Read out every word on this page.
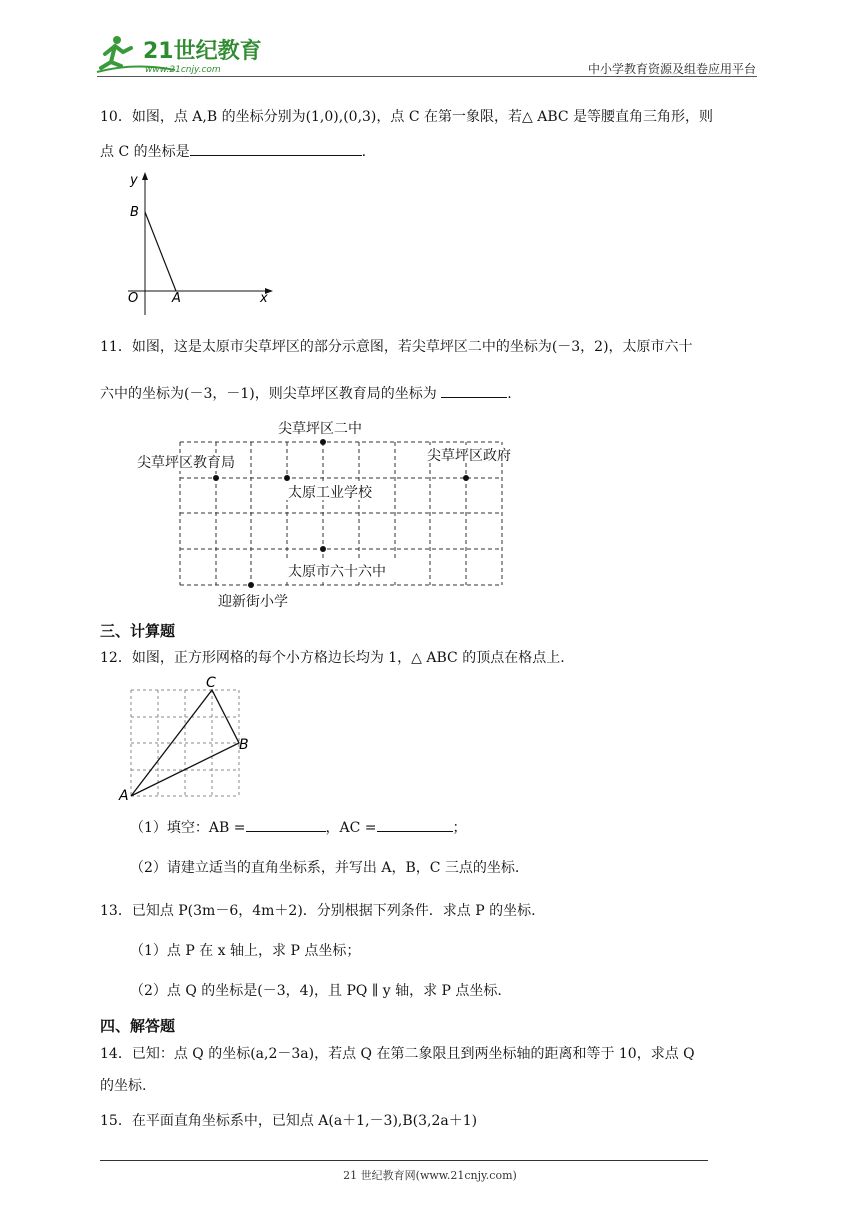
21世纪教育
www.21cnjy.com	中小学教育资源及组卷应用平台
10．如图，点 A,B 的坐标分别为(1,0),(0,3)，点 C 在第一象限，若△ ABC 是等腰直角三角形，则
点 C 的坐标是	.
y
x
B
O	A
11．如图，这是太原市尖草坪区的部分示意图，若尖草坪区二中的坐标为(－3，2)，太原市六十
六中的坐标为(－3，－1)，则尖草坪区教育局的坐标为	.
尖草坪区二中
尖草坪区教育局	尖草坪区政府
太原工业学校
太原市六十六中
迎新街小学
三、计算题
12．如图，正方形网格的每个小方格边长均为 1，△ ABC 的顶点在格点上.
A
B
C
（1）填空：AB =	，AC =	；
（2）请建立适当的直角坐标系，并写出 A，B，C 三点的坐标.
13．已知点 P(3m－6，4m＋2)．分别根据下列条件．求点 P 的坐标.
（1）点 P 在 x 轴上，求 P 点坐标；
（2）点 Q 的坐标是(－3，4)，且 PQ ∥ y 轴，求 P 点坐标.
四、解答题
14．已知：点 Q 的坐标(a,2－3a)，若点 Q 在第二象限且到两坐标轴的距离和等于 10，求点 Q
的坐标.
15．在平面直角坐标系中，已知点 A(a＋1,－3),B(3,2a＋1)
21 世纪教育网(www.21cnjy.com)
